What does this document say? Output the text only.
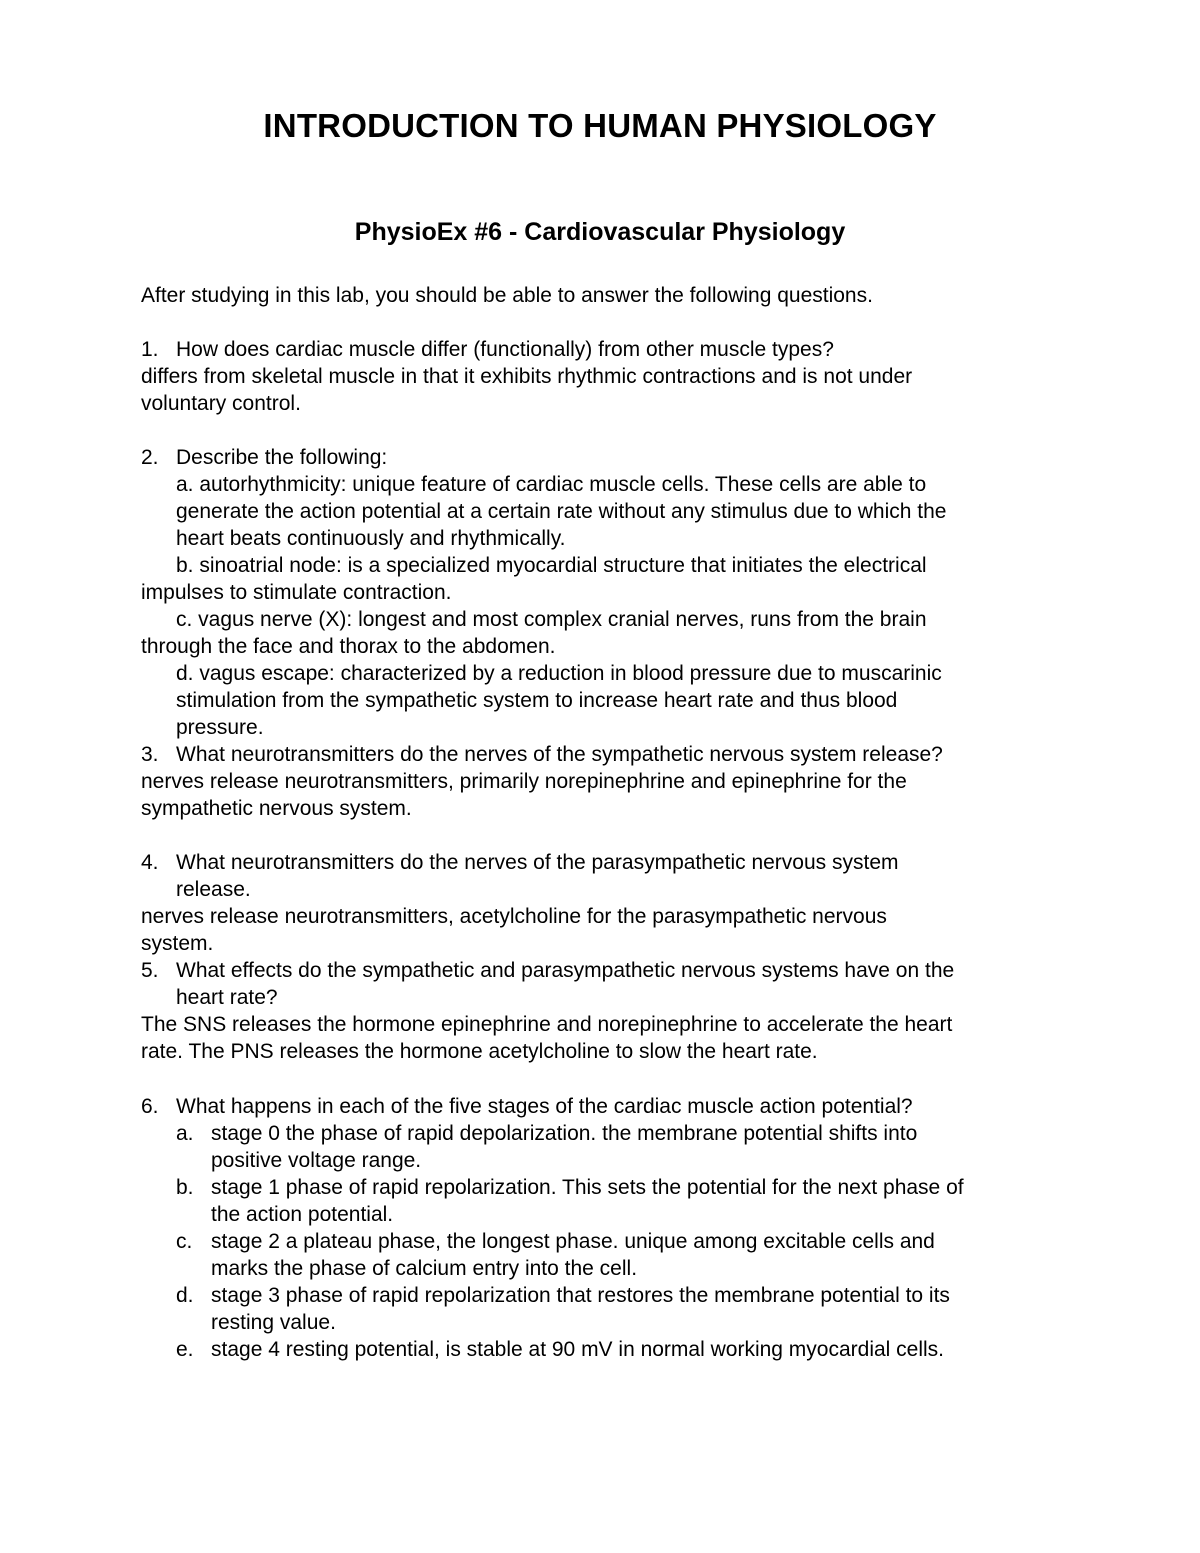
INTRODUCTION TO HUMAN PHYSIOLOGY
PhysioEx #6 - Cardiovascular Physiology
After studying in this lab, you should be able to answer the following questions.
1. How does cardiac muscle differ (functionally) from other muscle types?
differs from skeletal muscle in that it exhibits rhythmic contractions and is not under
voluntary control.
2. Describe the following:
a. autorhythmicity: unique feature of cardiac muscle cells. These cells are able to
generate the action potential at a certain rate without any stimulus due to which the
heart beats continuously and rhythmically.
b. sinoatrial node: is a specialized myocardial structure that initiates the electrical
impulses to stimulate contraction.
c. vagus nerve (X): longest and most complex cranial nerves, runs from the brain
through the face and thorax to the abdomen.
d. vagus escape: characterized by a reduction in blood pressure due to muscarinic
stimulation from the sympathetic system to increase heart rate and thus blood
pressure.
3. What neurotransmitters do the nerves of the sympathetic nervous system release?
nerves release neurotransmitters, primarily norepinephrine and epinephrine for the
sympathetic nervous system.
4. What neurotransmitters do the nerves of the parasympathetic nervous system
release.
nerves release neurotransmitters, acetylcholine for the parasympathetic nervous
system.
5. What effects do the sympathetic and parasympathetic nervous systems have on the
heart rate?
The SNS releases the hormone epinephrine and norepinephrine to accelerate the heart
rate. The PNS releases the hormone acetylcholine to slow the heart rate.
6. What happens in each of the five stages of the cardiac muscle action potential?
a. stage 0 the phase of rapid depolarization. the membrane potential shifts into
positive voltage range.
b. stage 1 phase of rapid repolarization. This sets the potential for the next phase of
the action potential.
c. stage 2 a plateau phase, the longest phase. unique among excitable cells and
marks the phase of calcium entry into the cell.
d. stage 3 phase of rapid repolarization that restores the membrane potential to its
resting value.
e. stage 4 resting potential, is stable at 90 mV in normal working myocardial cells.
